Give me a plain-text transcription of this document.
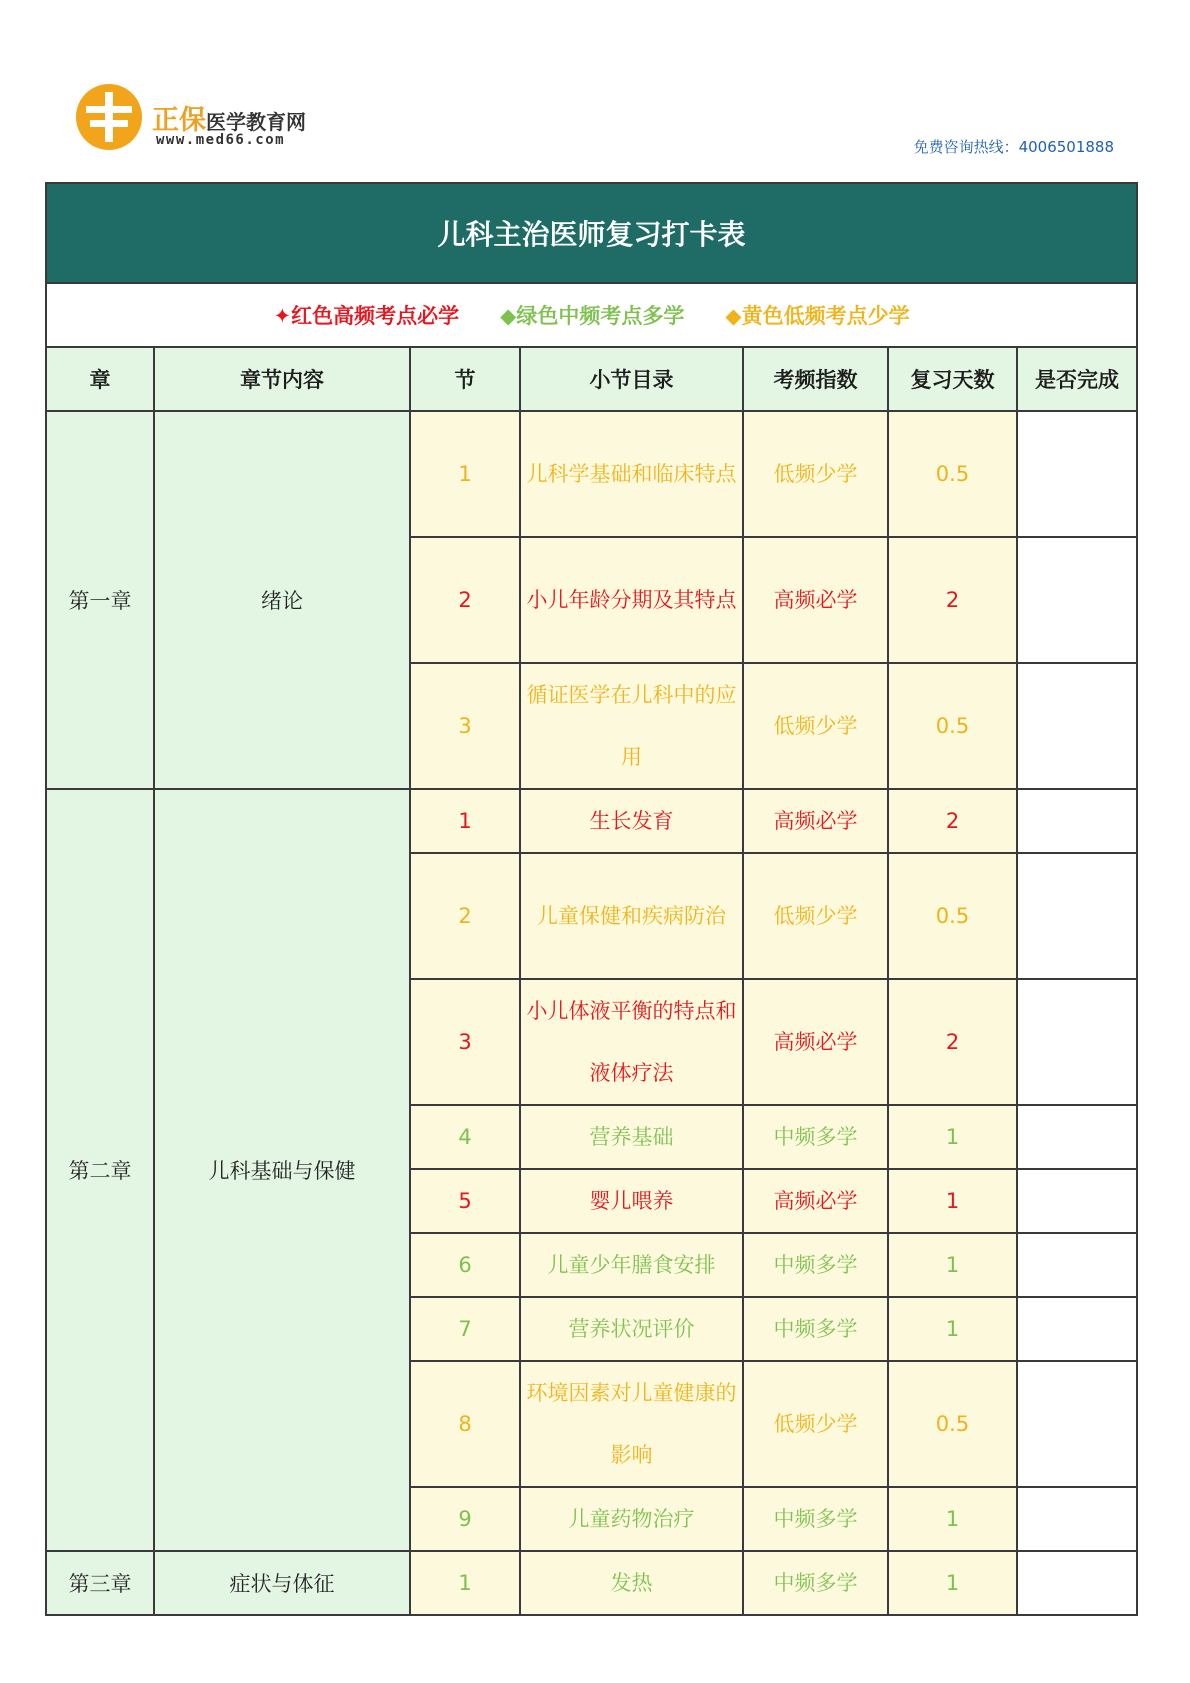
正保医学教育网
www.med66.com	免费咨询热线：4006501888
儿科主治医师复习打卡表						
✦红色高频考点必学 ◆绿色中频考点多学 ◆黄色低频考点少学						
章	章节内容	节	小节目录	考频指数	复习天数	是否完成
第一章	绪论	1	儿科学基础和临床特点	低频少学	0.5	
		2	小儿年龄分期及其特点	高频必学	2	
		3	循证医学在儿科中的应用	低频少学	0.5	
第二章	儿科基础与保健	1	生长发育	高频必学	2	
		2	儿童保健和疾病防治	低频少学	0.5	
		3	小儿体液平衡的特点和液体疗法	高频必学	2	
		4	营养基础	中频多学	1	
		5	婴儿喂养	高频必学	1	
		6	儿童少年膳食安排	中频多学	1	
		7	营养状况评价	中频多学	1	
		8	环境因素对儿童健康的影响	低频少学	0.5	
		9	儿童药物治疗	中频多学	1	
第三章	症状与体征	1	发热	中频多学	1	
